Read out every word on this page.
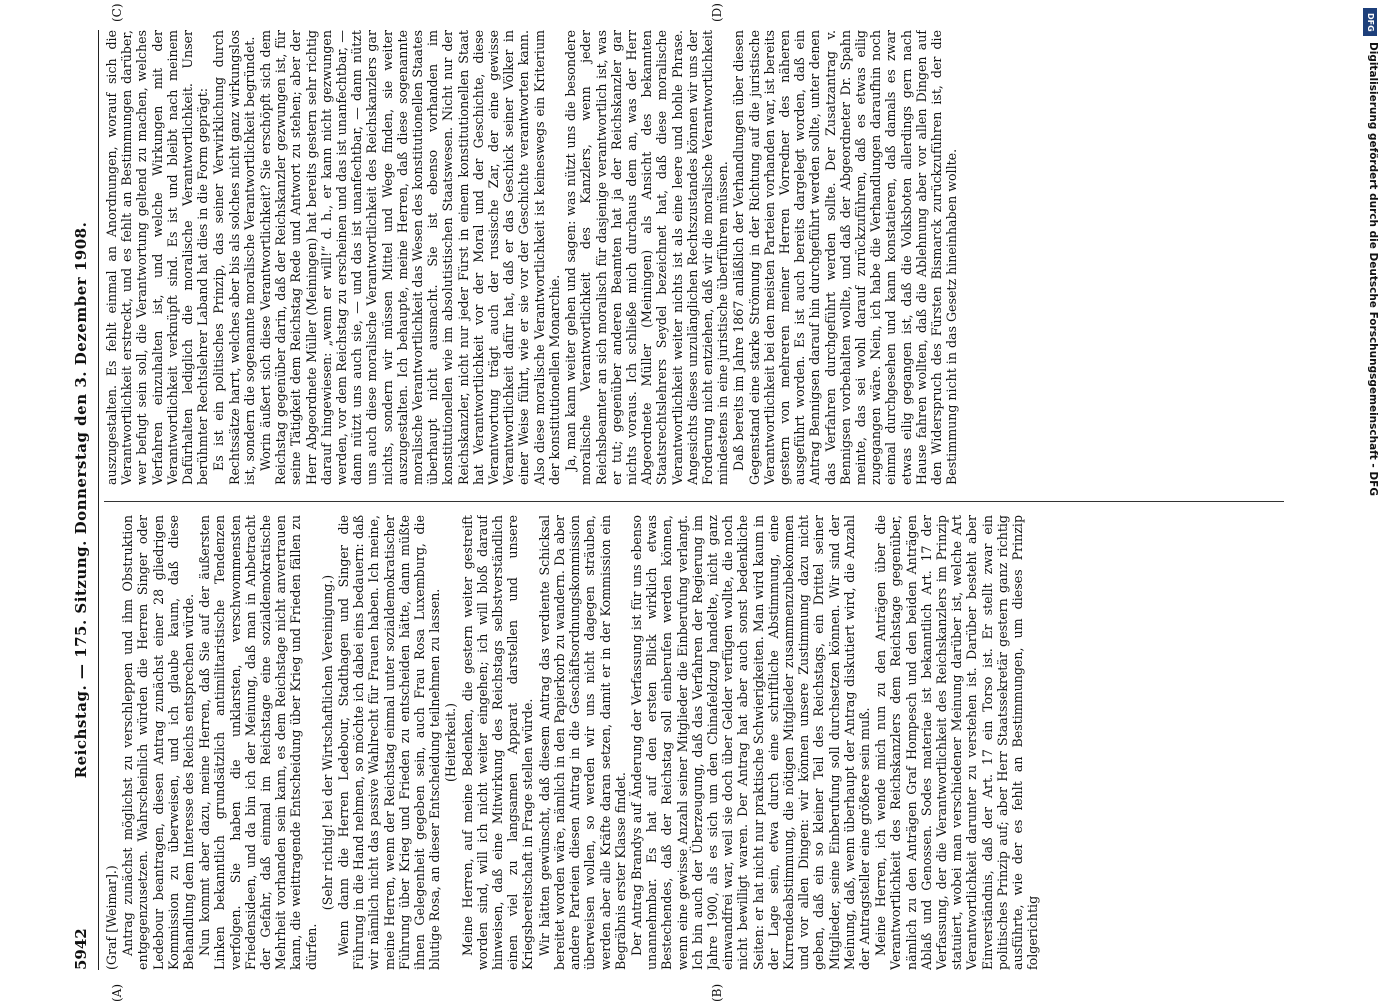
5942
Reichstag. — 175. Sitzung. Donnerstag den 3. Dezember 1908.
(A)	(B)
(C)	(D)

(Graf [Weimar].) Antrag zunächst möglichst zu verschleppen und ihm Obstruktion entgegenzusetzen. Wahrscheinlich würden die Herren Singer oder Ledebour beantragen, diesen Antrag zunächst einer 28 gliedrigen Kommission zu überweisen, und ich glaube kaum, daß diese Behandlung dem Interesse des Reichs entsprechen würde. Nun kommt aber dazu, meine Herren, daß Sie auf der äußersten Linken bekanntlich grundsätzlich antimilitaristische Tendenzen verfolgen. Sie haben die unklarsten, verschwommensten Friedensideen, und da bin ich der Meinung, daß man in Anbetracht der Gefahr, daß einmal im Reichstage eine sozialdemokratische Mehrheit vorhanden sein kann, es dem Reichstage nicht anvertrauen kann, die weittragende Entscheidung über Krieg und Frieden fällen zu dürfen.

(Sehr richtig! bei der Wirtschaftlichen Vereinigung.) Wenn dann die Herren Ledebour, Stadthagen und Singer die Führung in die Hand nehmen, so möchte ich dabei eins bedauern: daß wir nämlich nicht das passive Wahlrecht für Frauen haben. Ich meine, meine Herren, wenn der Reichstag einmal unter sozialdemokratischer Führung über Krieg und Frieden zu entscheiden hätte, dann müßte ihnen Gelegenheit gegeben sein, auch Frau Rosa Luxemburg, die blutige Rosa, an dieser Entscheidung teilnehmen zu lassen. (Heiterkeit.) Meine Herren, auf meine Bedenken, die gestern weiter gestreift worden sind, will ich nicht weiter eingehen; ich will bloß darauf hinweisen, daß eine Mitwirkung des Reichstags selbstverständlich einen viel zu langsamen Apparat darstellen und unsere Kriegsbereitschaft in Frage stellen würde. Wir hätten gewünscht, daß diesem Antrag das verdiente Schicksal bereitet worden wäre, nämlich in den Papierkorb zu wandern. Da aber andere Parteien diesen Antrag in die Geschäftsordnungskommission überweisen wollen, so werden wir uns nicht dagegen sträuben, werden aber alle Kräfte daran setzen, damit er in der Kommission ein Begräbnis erster Klasse findet. Der Antrag Brandys auf Änderung der Verfassung ist für uns ebenso unannehmbar. Es hat auf den ersten Blick wirklich etwas Bestechendes, daß der Reichstag soll einberufen werden können, wenn eine gewisse Anzahl seiner Mitglieder die Einberufung verlangt. Ich bin auch der Überzeugung, daß das Verfahren der Regierung im Jahre 1900, als es sich um den Chinafeldzug handelte, nicht ganz einwandfrei war, weil sie doch über Gelder verfügen wollte, die noch nicht bewilligt waren. Der Antrag hat aber auch sonst bedenkliche Seiten: er hat nicht nur praktische Schwierigkeiten. Man wird kaum in der Lage sein, etwa durch eine schriftliche Abstimmung, eine Kurrendeabstimmung, die nötigen Mitglieder zusammenzubekommen und vor allen Dingen: wir können unsere Zustimmung dazu nicht geben, daß ein so kleiner Teil des Reichstags, ein Drittel seiner Mitglieder, seine Einberufung soll durchsetzen können. Wir sind der Meinung, daß, wenn überhaupt der Antrag diskutiert wird, die Anzahl der Antragsteller eine größere sein muß. Meine Herren, ich wende mich nun zu den Anträgen über die Verantwortlichkeit des Reichskanzlers dem Reichstage gegenüber, nämlich zu den Anträgen Graf Hompesch und den beiden Anträgen Ablaß und Genossen. Sodes materiae ist bekanntlich Art. 17 der Verfassung, der die Verantwortlichkeit des Reichskanzlers im Prinzip statuiert, wobei man verschiedener Meinung darüber ist, welche Art Verantwortlichkeit darunter zu verstehen ist. Darüber besteht aber Einverständnis, daß der Art. 17 ein Torso ist. Er stellt zwar ein politisches Prinzip auf; aber Herr Staatssekretär gestern ganz richtig ausführte, wie der es fehlt an Bestimmungen, um dieses Prinzip folgerichtig

auszugestalten. Es fehlt einmal an Anordnungen, worauf sich die Verantwortlichkeit erstreckt, und es fehlt an Bestimmungen darüber, wer befugt sein soll, die Verantwortung geltend zu machen, welches Verfahren einzuhalten ist, und welche Wirkungen mit der Verantwortlichkeit verknüpft sind. Es ist und bleibt nach meinem Dafürhalten lediglich die moralische Verantwortlichkeit. Unser berühmter Rechtslehrer Laband hat dies in die Form geprägt: Es ist ein politisches Prinzip, das seiner Verwirklichung durch Rechtssätze harrt, welches aber bis als solches nicht ganz wirkungslos ist, sondern die sogenannte moralische Verantwortlichkeit begründet. Worin äußert sich diese Verantwortlichkeit? Sie erschöpft sich dem Reichstag gegenüber darin, daß der Reichskanzler gezwungen ist, für seine Tätigkeit dem Reichstag Rede und Antwort zu stehen; aber der Herr Abgeordnete Müller (Meiningen) hat bereits gestern sehr richtig darauf hingewiesen: „wenn er will!“ d. h., er kann nicht gezwungen werden, vor dem Reichstag zu erscheinen und das ist unanfechtbar, — dann nützt uns auch sie, — und das ist unanfechtbar, — dann nützt uns auch diese moralische Verantwortlichkeit des Reichskanzlers gar nichts, sondern wir müssen Mittel und Wege finden, sie weiter auszugestalten. Ich behaupte, meine Herren, daß diese sogenannte moralische Verantwortlichkeit das Wesen des konstitutionellen Staates überhaupt nicht ausmacht. Sie ist ebenso vorhanden im konstitutionellen wie im absolutistischen Staatswesen. Nicht nur der Reichskanzler, nicht nur jeder Fürst in einem konstitutionellen Staat hat Verantwortlichkeit vor der Moral und der Geschichte, diese Verantwortung trägt auch der russische Zar, der eine gewisse Verantwortlichkeit dafür hat, daß er das Geschick seiner Völker in einer Weise führt, wie er sie vor der Geschichte verantworten kann. Also diese moralische Verantwortlichkeit ist keineswegs ein Kriterium der konstitutionellen Monarchie. Ja, man kann weiter gehen und sagen: was nützt uns die besondere moralische Verantwortlichkeit des Kanzlers, wenn jeder Reichsbeamter an sich moralisch für dasjenige verantwortlich ist, was er tut; gegenüber anderen Beamten hat ja der Reichskanzler gar nichts voraus. Ich schließe mich durchaus dem an, was der Herr Abgeordnete Müller (Meiningen) als Ansicht des bekannten Staatsrechtslehrers Seydel bezeichnet hat, daß diese moralische Verantwortlichkeit weiter nichts ist als eine leere und hohle Phrase. Angesichts dieses unzulänglichen Rechtszustandes können wir uns der Forderung nicht entziehen, daß wir die moralische Verantwortlichkeit mindestens in eine juristische überführen müssen. Daß bereits im Jahre 1867 anläßlich der Verhandlungen über diesen Gegenstand eine starke Strömung in der Richtung auf die juristische Verantwortlichkeit bei den meisten Parteien vorhanden war, ist bereits gestern von mehreren meiner Herren Vorredner des näheren ausgeführt worden. Es ist auch bereits dargelegt worden, daß ein Antrag Bennigsen darauf hin durchgeführt werden sollte, unter denen das Verfahren durchgeführt werden sollte. Der Zusatzantrag v. Bennigsen vorbehalten wollte, und daß der Abgeordneter Dr. Spahn meinte, das sei wohl darauf zurückzuführen, daß es etwas eilig zugegangen wäre. Nein, ich habe die Verhandlungen daraufhin noch einmal durchgesehen und kann konstatieren, daß damals es zwar etwas eilig gegangen ist, daß die Volksboten allerdings gern nach Hause fahren wollten, daß die Ablehnung aber vor allen Dingen auf den Widerspruch des Fürsten Bismarck zurückzuführen ist, der die Bestimmung nicht in das Gesetz hineinhaben wollte.

DFG
Digitalisierung gefördert durch die Deutsche Forschungsgemeinschaft - DFG
